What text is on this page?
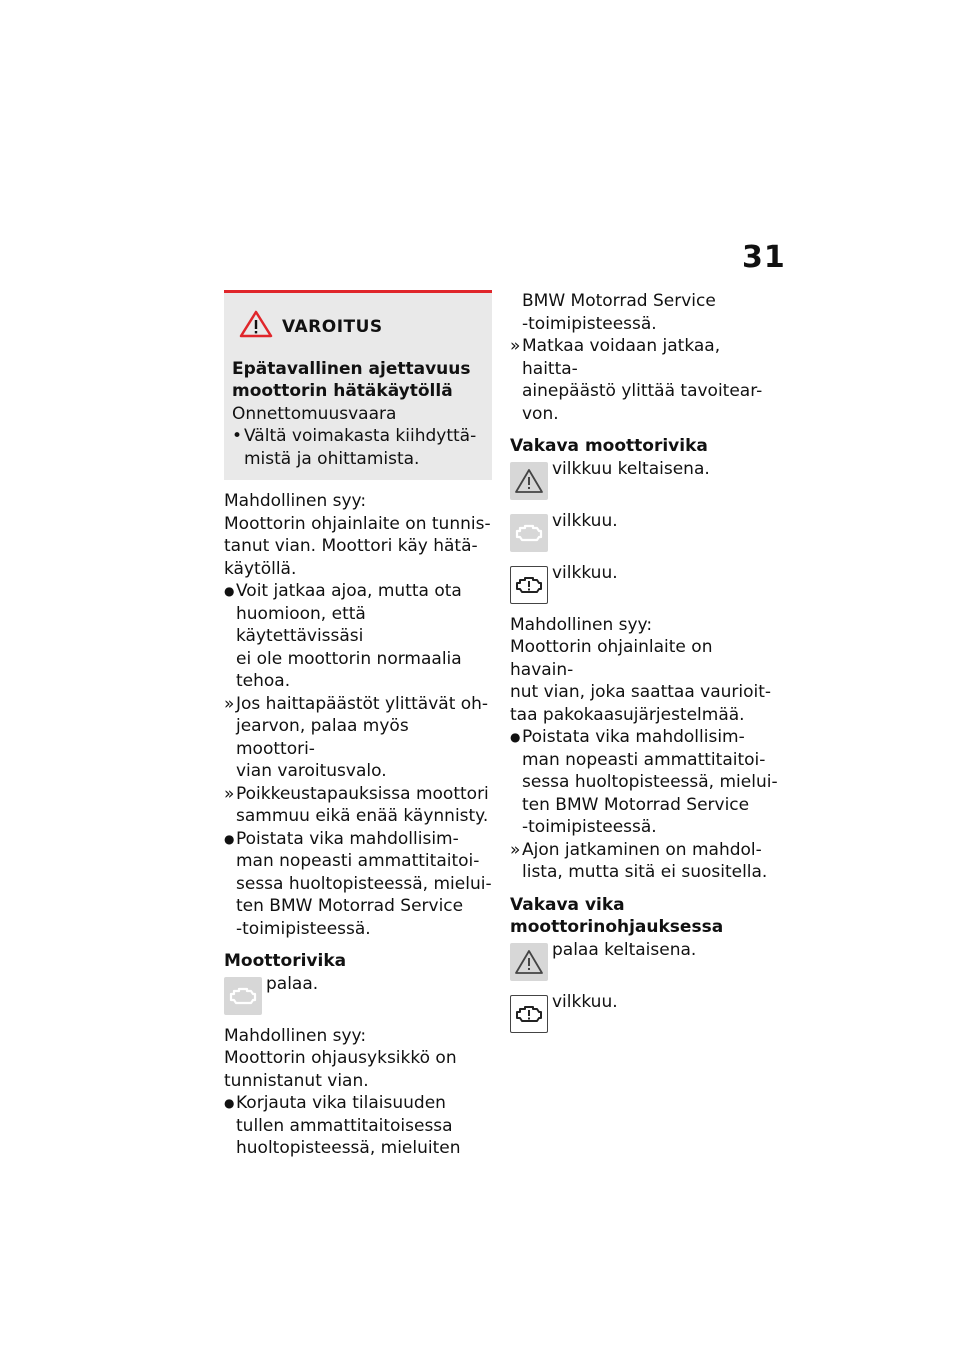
31
VAROITUS

Epätavallinen ajettavuus
moottorin hätäkäytöllä

Onnettomuusvaara

• Vältä voimakasta kiihdyttä-
mistä ja ohittamista.

Mahdollinen syy:

Moottorin ohjainlaite on tunnis-
tanut vian. Moottori käy hätä-
käytöllä.

● Voit jatkaa ajoa, mutta ota
huomioon, että käytettävissäsi
ei ole moottorin normaalia
tehoa.
» Jos haittapäästöt ylittävät oh-
jearvon, palaa myös moottori-
vian varoitusvalo.
» Poikkeustapauksissa moottori
sammuu eikä enää käynnisty.
● Poistata vika mahdollisim-
man nopeasti ammattitaitoi-
sessa huoltopisteessä, mielui-
ten BMW Motorrad Service
-toimipisteessä.

Moottorivika

palaa.

Mahdollinen syy:

Moottorin ohjausyksikkö on
tunnistanut vian.

● Korjauta vika tilaisuuden
tullen ammattitaitoisessa
huoltopisteessä, mieluiten
BMW Motorrad Service
-toimipisteessä.
» Matkaa voidaan jatkaa, haitta-
ainepäästö ylittää tavoitear-
von.

Vakava moottorivika

vilkkuu keltaisena.
vilkkuu.
vilkkuu.

Mahdollinen syy:

Moottorin ohjainlaite on havain-
nut vian, joka saattaa vaurioit-
taa pakokaasujärjestelmää.

● Poistata vika mahdollisim-
man nopeasti ammattitaitoi-
sessa huoltopisteessä, mielui-
ten BMW Motorrad Service
-toimipisteessä.
» Ajon jatkaminen on mahdol-
lista, mutta sitä ei suositella.

Vakava vika
moottorinohjauksessa

palaa keltaisena.
vilkkuu.
